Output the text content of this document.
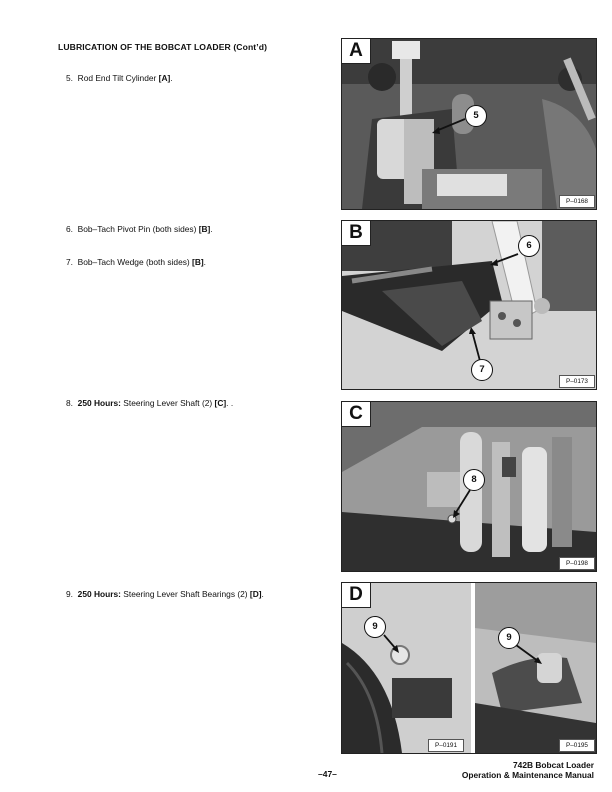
LUBRICATION OF THE BOBCAT LOADER (Cont’d)
5. Rod End Tilt Cylinder [A].
6. Bob–Tach Pivot Pin (both sides) [B].
7. Bob–Tach Wedge (both sides) [B].
8. 250 Hours: Steering Lever Shaft (2) [C]. .
9. 250 Hours: Steering Lever Shaft Bearings (2) [D].
A
5
P–0168
B
6
7
P–0173
C
8
P–0198
D
9
9
P–0191	P–0195
–47–
742B Bobcat Loader
Operation & Maintenance Manual
